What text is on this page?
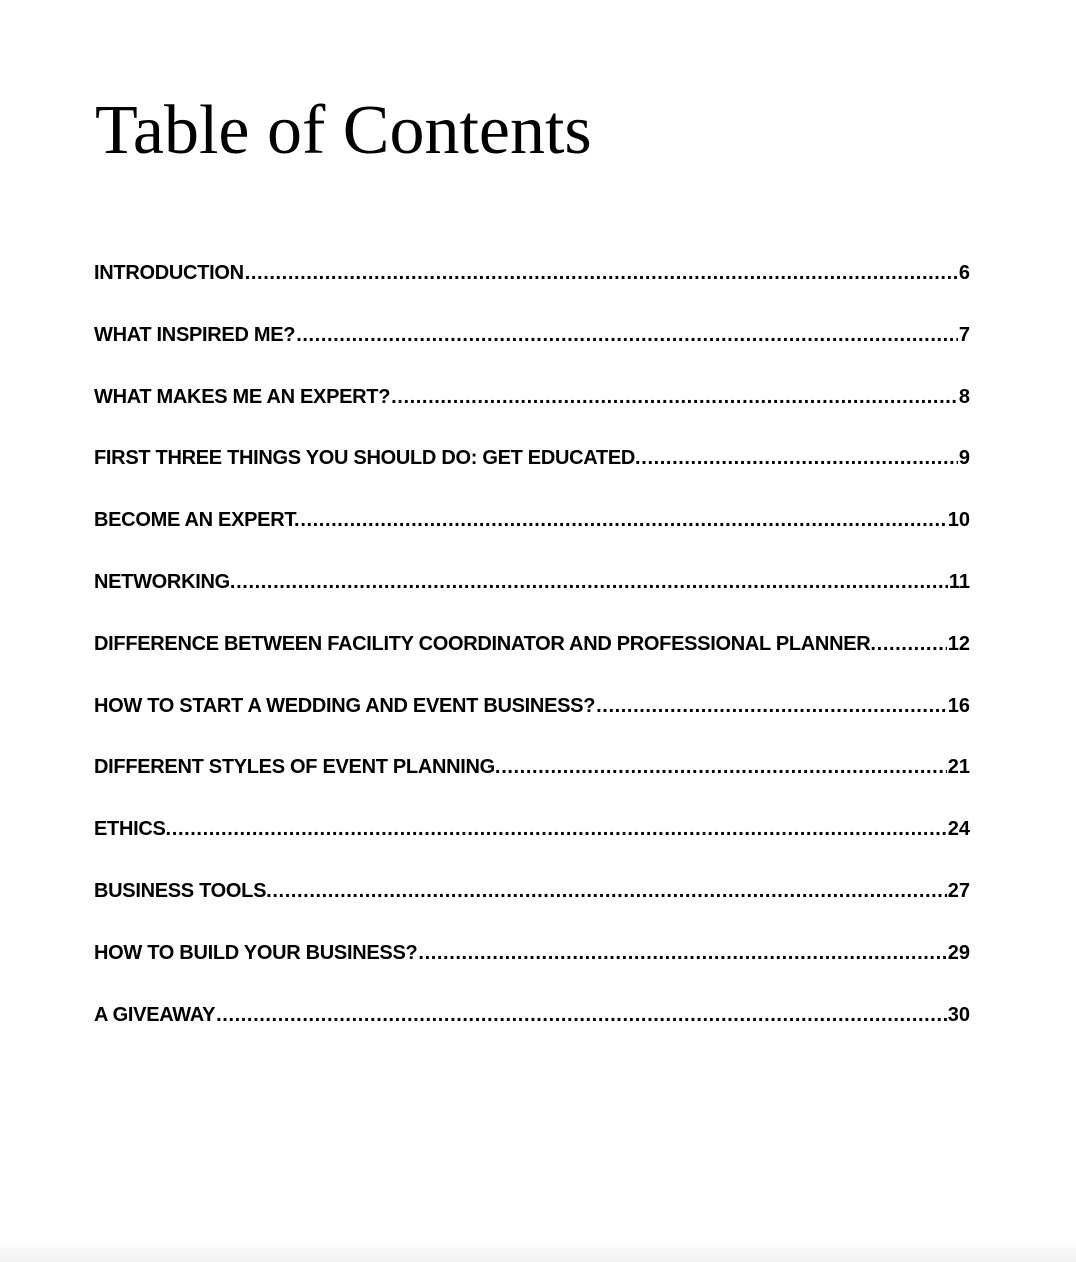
Table of Contents
INTRODUCTION .....	6
WHAT INSPIRED ME? .....	7
WHAT MAKES ME AN EXPERT? .....	8
FIRST THREE THINGS YOU SHOULD DO: GET EDUCATED. .....	9
BECOME AN EXPERT. .....	10
NETWORKING. .....	11
DIFFERENCE BETWEEN FACILITY COORDINATOR AND PROFESSIONAL PLANNER. .....	12
HOW TO START A WEDDING AND EVENT BUSINESS? .....	16
DIFFERENT STYLES OF EVENT PLANNING. .....	21
ETHICS. .....	24
BUSINESS TOOLS. .....	27
HOW TO BUILD YOUR BUSINESS? .....	29
A GIVEAWAY .....	30
